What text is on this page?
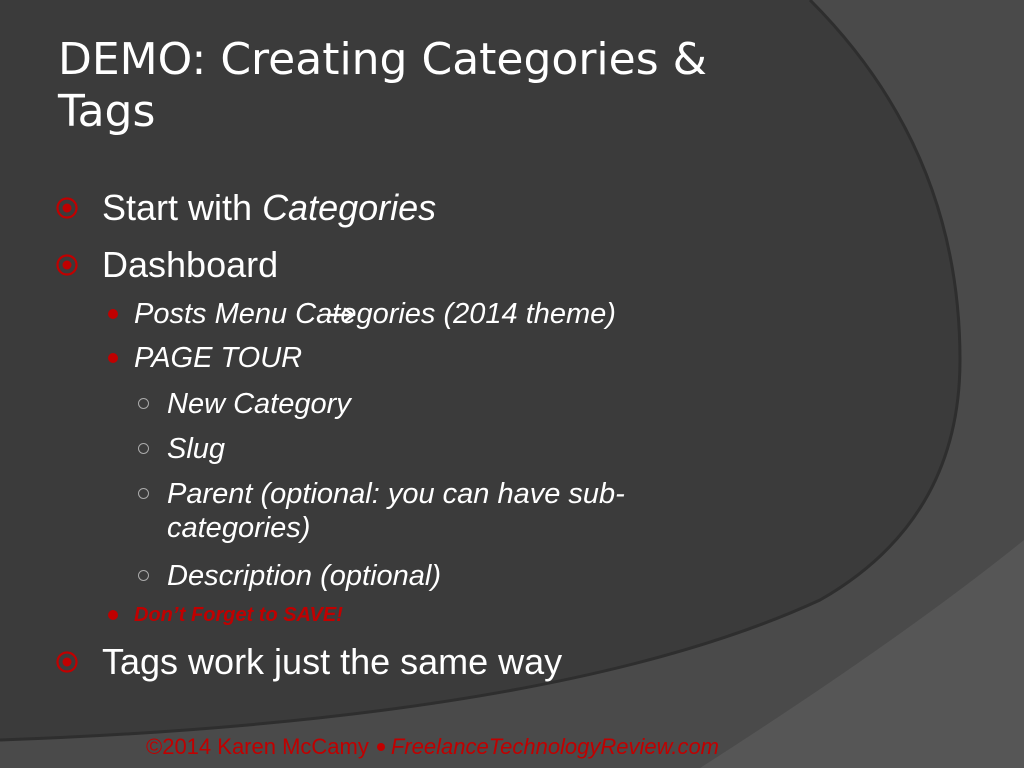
DEMO: Creating Categories &
Tags
Start with Categories
Dashboard
Posts Menu Categories (2014 theme)
PAGE TOUR
New Category
Slug
Parent (optional: you can have sub-categories)
Description (optional)
Don’t Forget to SAVE!
Tags work just the same way
©2014 Karen McCamy FreelanceTechnologyReview.com
